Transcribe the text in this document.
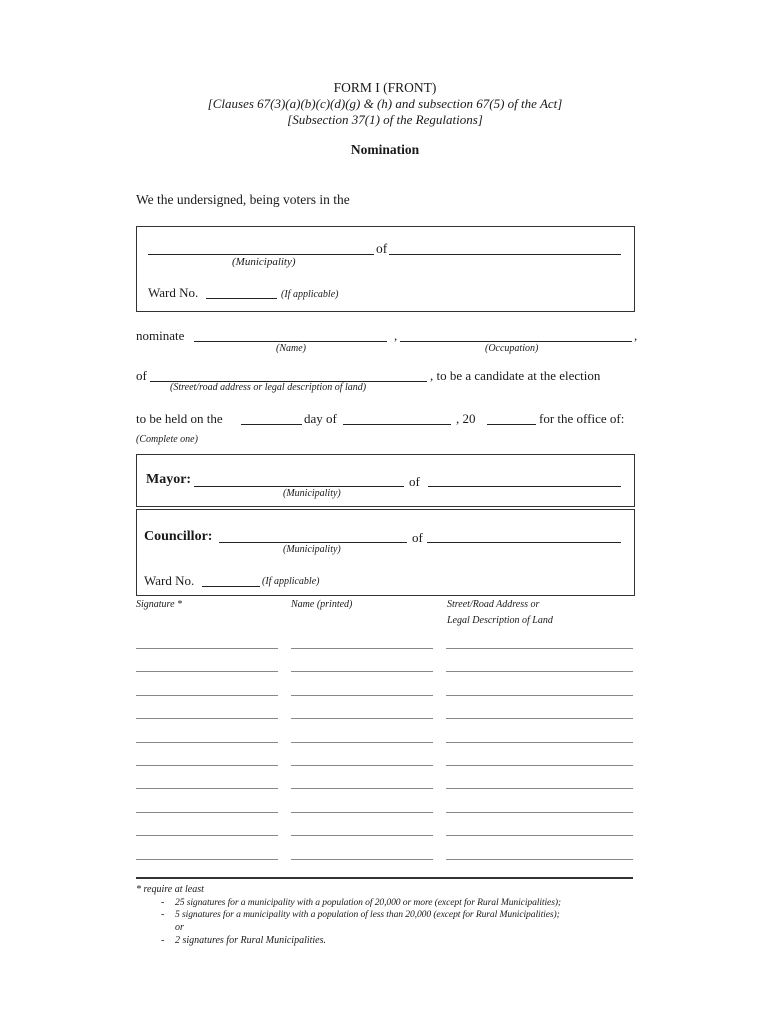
FORM I (FRONT)
[Clauses 67(3)(a)(b)(c)(d)(g) & (h) and subsection 67(5) of the Act]
[Subsection 37(1) of the Regulations]
Nomination
We the undersigned, being voters in the
of
(Municipality)
Ward No.	(If applicable)
nominate	,	,
(Name)	(Occupation)
of	, to be a candidate at the election
(Street/road address or legal description of land)
to be held on the	day of	, 20	for the office of:
(Complete one)
Mayor:	of
(Municipality)
Councillor:	of
(Municipality)
Ward No.	(If applicable)
Signature *	Name (printed)	Street/Road Address or
Legal Description of Land
* require at least
- 25 signatures for a municipality with a population of 20,000 or more (except for Rural Municipalities);
- 5 signatures for a municipality with a population of less than 20,000 (except for Rural Municipalities);
or
- 2 signatures for Rural Municipalities.
